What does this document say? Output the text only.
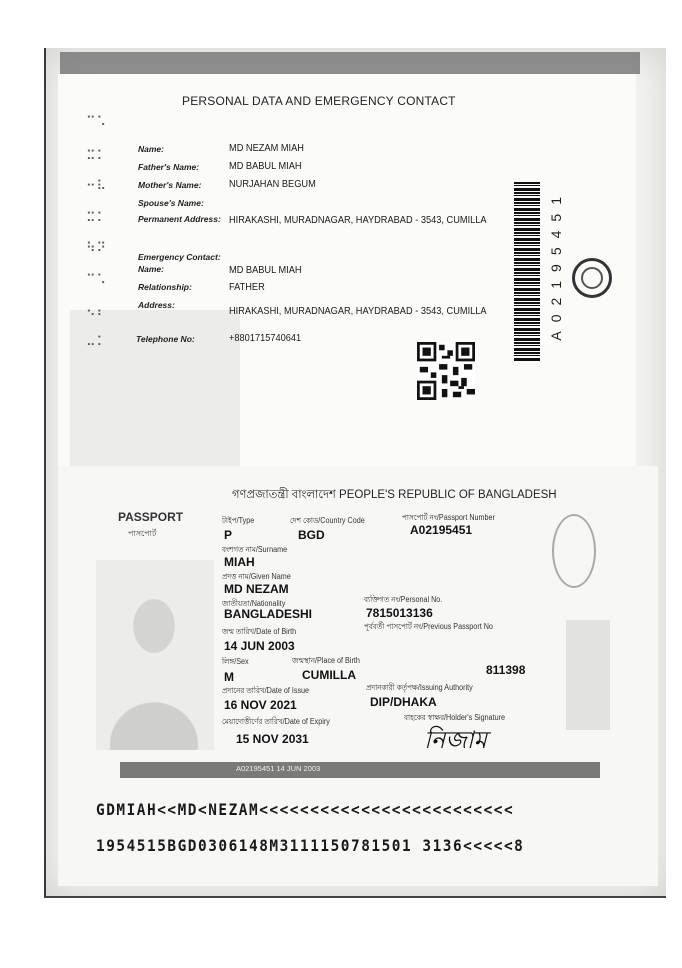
⠉⠡
⠭⠅
⠒⠧
⠭⠅
⠳⠝
⠉⠡
⠢⠆
⠤⠅
PERSONAL DATA AND EMERGENCY CONTACT
Name:	MD NEZAM MIAH
Father's Name:	MD BABUL MIAH
Mother's Name:	NURJAHAN BEGUM
Spouse's Name:
Permanent Address: HIRAKASHI, MURADNAGAR, HAYDRABAD - 3543, CUMILLA
Emergency Contact:
Name:	MD BABUL MIAH
Relationship:	FATHER
Address:	HIRAKASHI, MURADNAGAR, HAYDRABAD - 3543, CUMILLA
Telephone No:	+8801715740641	A02195451
গণপ্রজাতন্ত্রী বাংলাদেশ PEOPLE'S REPUBLIC OF BANGLADESH
PASSPORT
পাসপোর্ট
টাইপ/Type	দেশ কোড/Country Code	পাসপোর্ট নং/Passport Number
P	BGD	A02195451
বংশগত নাম/Surname
MIAH
প্রদত্ত নাম/Given Name
MD NEZAM
জাতীয়তা/Nationality	ব্যক্তিগত নং/Personal No.
BANGLADESHI	7815013136
জন্ম তারিখ/Date of Birth
পূর্ববর্তী পাসপোর্ট নং/Previous Passport No
14 JUN 2003
লিঙ্গ/Sex	জন্মস্থান/Place of Birth
M	CUMILLA	811398
প্রদানের তারিখ/Date of Issue	প্রদানকারী কর্তৃপক্ষ/Issuing Authority
16 NOV 2021	DIP/DHAKA
মেয়াদোত্তীর্ণের তারিখ/Date of Expiry	বাহকের স্বাক্ষর/Holder's Signature
15 NOV 2031	নিজাম
A02195451 14 JUN 2003
GDMIAH<<MD<NEZAM<<<<<<<<<<<<<<<<<<<<<<<<<
1954515BGD0306148M3111150781501 3136<<<<<8
